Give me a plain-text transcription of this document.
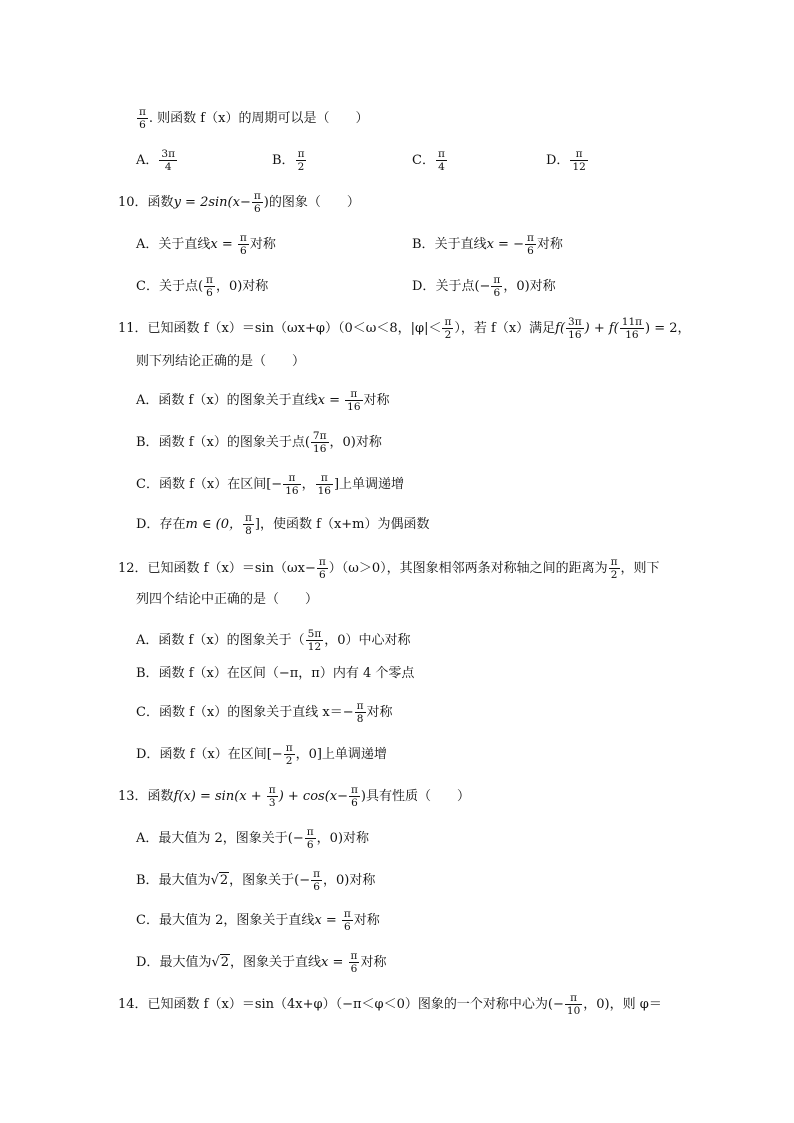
$\frac{\pi}{6}$ . 则函数 f（x）的周期可以是（　　）
A． $\frac{3\pi}{4}$	B． $\frac{\pi}{2}$	C． $\frac{\pi}{4}$	D． $\frac{\pi}{12}$
10．函数$y = 2\sin(x- \frac{\pi}{6}$ )的图象（　　）
A．关于直线$x = \frac{\pi}{6}$ 对称	B．关于直线x = − $\frac{\pi}{6}$ 对称
C．关于点( $\frac{\pi}{6}$ ，0)对称	D．关于点(− $\frac{\pi}{6}$ ，0)对称
11．已知函数 f（x）＝sin（ωx+φ）（0＜ω＜8，$|\varphi|< \frac{\pi}{2}$ ），若 f（x）满足$f( \frac{3\pi}{16}$ ) + $f( \frac{11\pi}{16}$ ) = 2，
则下列结论正确的是（　　）
A．函数 f（x）的图象关于直线$x = \frac{\pi}{16}$ 对称
B．函数 f（x）的图象关于点( $\frac{7\pi}{16}$ ，0)对称
C．函数 f（x）在区间[− $\frac{\pi}{16}$ ， $\frac{\pi}{16}$ ]上单调递增
D．存在m ∈ (0， $\frac{\pi}{8}$ ]，使函数 f（x+m）为偶函数
12．已知函数 $f(x)=\sin(\omega x- \frac{\pi}{6} )(\omega>0)$，其图象相邻两条对称轴之间的距离为 $\frac{\pi}{2}$ ，则下
列四个结论中正确的是（　　）
A．函数 f（x）的图象关于（ $\frac{5\pi}{12}$ ，0）中心对称
B．函数 f（x）在区间（−π，π）内有 4 个零点
C．函数 f（x）的图象关于直线 $x=- \frac{\pi}{8}$ 对称
D．函数 f（x）在区间[− $\frac{\pi}{2}$ ，0]上单调递增
13．函数$f(x) = \sin(x + \frac{\pi}{3}$ ) + $\cos(x- \frac{\pi}{6}$ )具有性质（　　）
A．最大值为 2，图象关于(− $\frac{\pi}{6}$ ，0)对称
B．最大值为√2，图象关于(− $\frac{\pi}{6}$ ，0)对称
C．最大值为 2，图象关于直线$x = \frac{\pi}{6}$ 对称
D．最大值为√2，图象关于直线$x = \frac{\pi}{6}$ 对称
14．已知函数 f（x）＝sin（4x+φ）（−π＜φ＜0）图象的一个对称中心为(− $\frac{\pi}{10}$ ，0)，则 φ＝
